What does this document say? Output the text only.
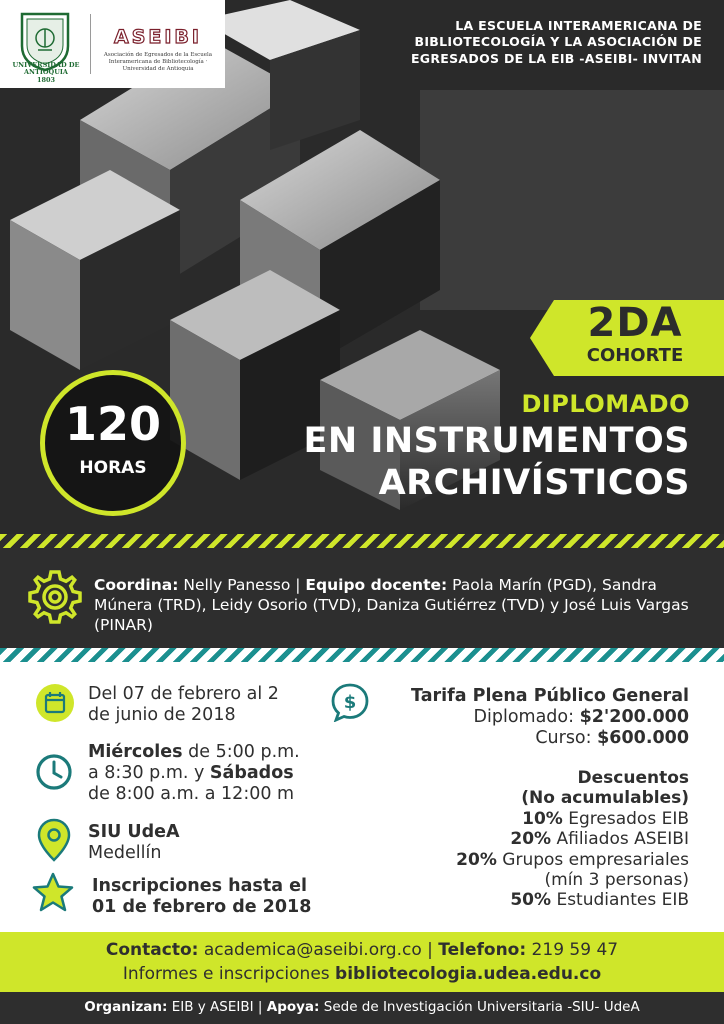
UNIVERSIDAD DE ANTIOQUIA
1803
ASEIBI
Asociación de Egresados de la Escuela Interamericana de Bibliotecología · Universidad de Antioquia
LA ESCUELA INTERAMERICANA DE BIBLIOTECOLOGÍA Y LA ASOCIACIÓN DE EGRESADOS DE LA EIB -ASEIBI- INVITAN
2DA
COHORTE
120
HORAS
DIPLOMADO
EN INSTRUMENTOS
ARCHIVÍSTICOS
Coordina: Nelly Panesso | Equipo docente: Paola Marín (PGD), Sandra Múnera (TRD), Leidy Osorio (TVD), Daniza Gutiérrez (TVD) y José Luis Vargas (PINAR)
Del 07 de febrero al 2
de junio de 2018
Miércoles de 5:00 p.m.
a 8:30 p.m. y Sábados
de 8:00 a.m. a 12:00 m
SIU UdeA
Medellín
Inscripciones hasta el
01 de febrero de 2018
$	Tarifa Plena Público General
Diplomado: $2'200.000
Curso: $600.000
Descuentos
(No acumulables)
10% Egresados EIB
20% Afiliados ASEIBI
20% Grupos empresariales
(mín 3 personas)
50% Estudiantes EIB
Contacto: academica@aseibi.org.co | Telefono: 219 59 47
Informes e inscripciones bibliotecologia.udea.edu.co
Organizan: EIB y ASEIBI | Apoya: Sede de Investigación Universitaria -SIU- UdeA
